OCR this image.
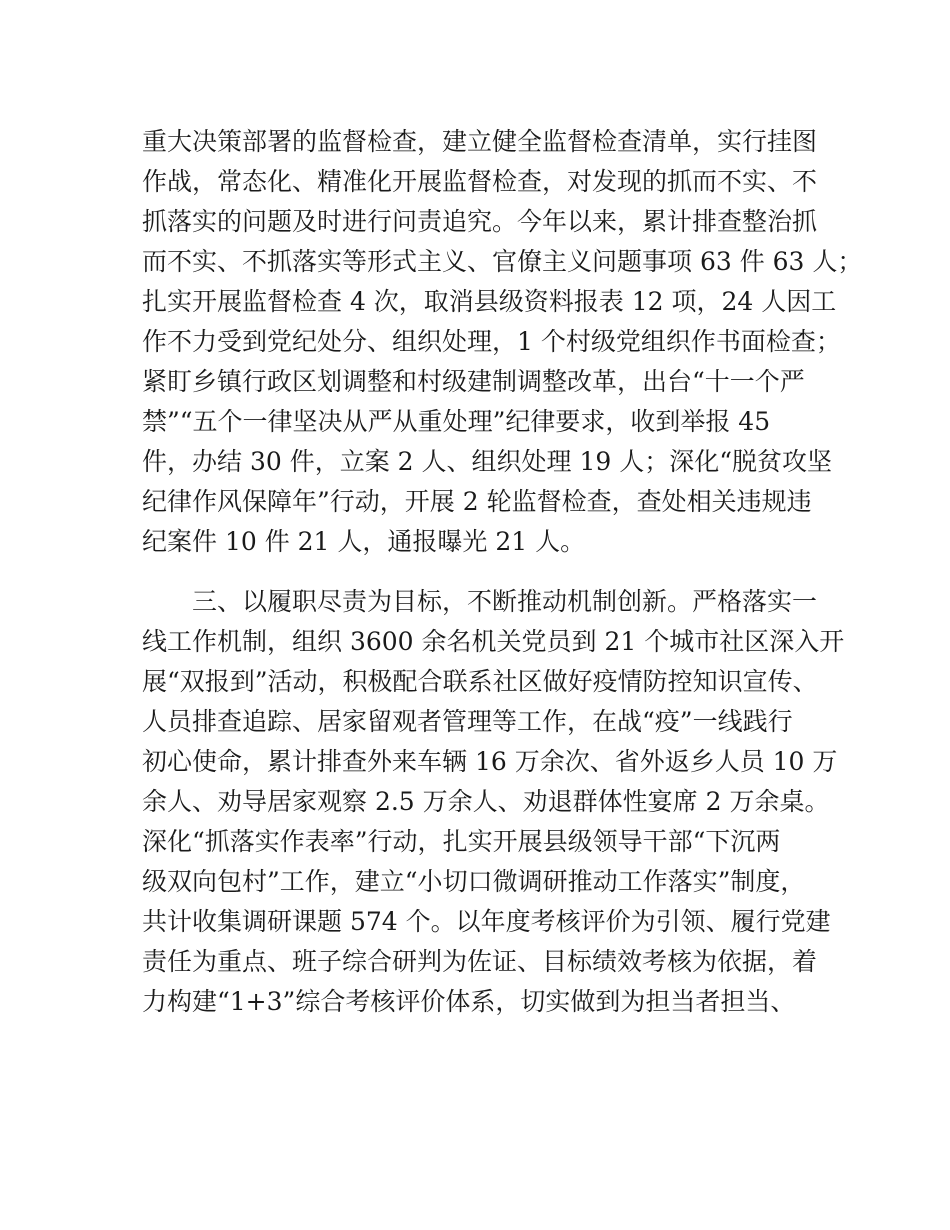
重大决策部署的监督检查，建立健全监督检查清单，实行挂图
作战，常态化、精准化开展监督检查，对发现的抓而不实、不
抓落实的问题及时进行问责追究。今年以来，累计排查整治抓
而不实、不抓落实等形式主义、官僚主义问题事项 63 件 63 人；
扎实开展监督检查 4 次，取消县级资料报表 12 项，24 人因工
作不力受到党纪处分、组织处理，1 个村级党组织作书面检查；
紧盯乡镇行政区划调整和村级建制调整改革，出台“十一个严
禁”“五个一律坚决从严从重处理”纪律要求，收到举报 45
件，办结 30 件，立案 2 人、组织处理 19 人；深化“脱贫攻坚
纪律作风保障年”行动，开展 2 轮监督检查，查处相关违规违
纪案件 10 件 21 人，通报曝光 21 人。
三、以履职尽责为目标，不断推动机制创新。严格落实一
线工作机制，组织 3600 余名机关党员到 21 个城市社区深入开
展“双报到”活动，积极配合联系社区做好疫情防控知识宣传、
人员排查追踪、居家留观者管理等工作，在战“疫”一线践行
初心使命，累计排查外来车辆 16 万余次、省外返乡人员 10 万
余人、劝导居家观察 2.5 万余人、劝退群体性宴席 2 万余桌。
深化“抓落实作表率”行动，扎实开展县级领导干部“下沉两
级双向包村”工作，建立“小切口微调研推动工作落实”制度，
共计收集调研课题 574 个。以年度考核评价为引领、履行党建
责任为重点、班子综合研判为佐证、目标绩效考核为依据，着
力构建“1+3”综合考核评价体系，切实做到为担当者担当、
